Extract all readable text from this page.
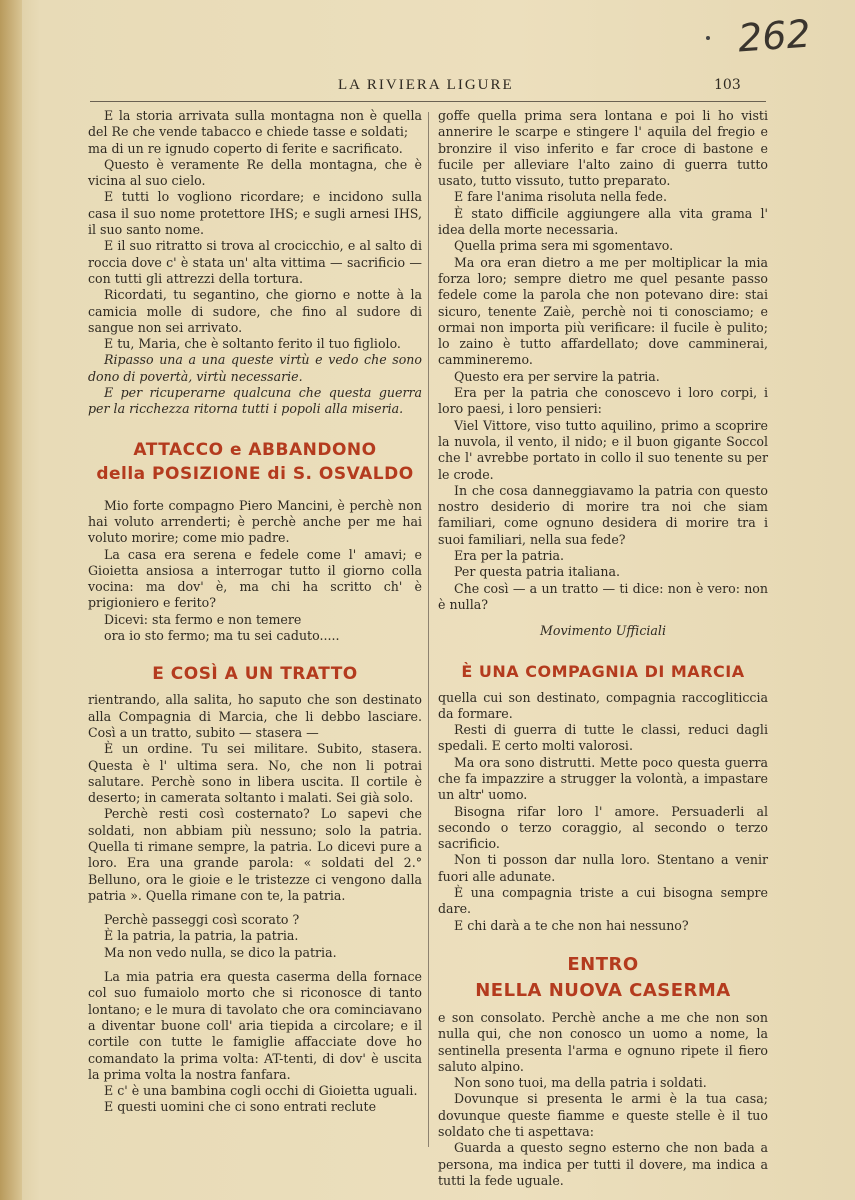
262
LA RIVIERA LIGURE	103

E la storia arrivata sulla montagna non è quella del Re che vende tabacco e chiede tasse e soldati;

ma di un re ignudo coperto di ferite e sacrificato.

Questo è veramente Re della montagna, che è vicina al suo cielo.

E tutti lo vogliono ricordare; e incidono sulla casa il suo nome protettore IHS; e sugli arnesi IHS, il suo santo nome.

E il suo ritratto si trova al crocicchio, e al salto di roccia dove c' è stata un' alta vittima — sacrificio — con tutti gli attrezzi della tortura.

Ricordati, tu segantino, che giorno e notte à la camicia molle di sudore, che fino al sudore di sangue non sei arrivato.

E tu, Maria, che è soltanto ferito il tuo figliolo.

Ripasso una a una queste virtù e vedo che sono dono di povertà, virtù necessarie.

E per ricuperarne qualcuna che questa guerra per la ricchezza ritorna tutti i popoli alla miseria.

ATTACCO e ABBANDONO
della POSIZIONE di S. OSVALDO

Mio forte compagno Piero Mancini, è perchè non hai voluto arrenderti; è perchè anche per me hai voluto morire; come mio padre.

La casa era serena e fedele come l' amavi; e Gioietta ansiosa a interrogar tutto il giorno colla vocina: ma dov' è, ma chi ha scritto ch' è prigioniero e ferito?

Dicevi: sta fermo e non temere

ora io sto fermo; ma tu sei caduto.....

E COSÌ A UN TRATTO

rientrando, alla salita, ho saputo che son destinato alla Compagnia di Marcia, che li debbo lasciare. Così a un tratto, subito — stasera —

È un ordine. Tu sei militare. Subito, stasera. Questa è l' ultima sera. No, che non li potrai salutare. Perchè sono in libera uscita. Il cortile è deserto; in camerata soltanto i malati. Sei già solo.

Perchè resti così costernato? Lo sapevi che soldati, non abbiam più nessuno; solo la patria. Quella ti rimane sempre, la patria. Lo dicevi pure a loro. Era una grande parola: « soldati del 2.° Belluno, ora le gioie e le tristezze ci vengono dalla patria ». Quella rimane con te, la patria.

Perchè passeggi così scorato ?

È la patria, la patria, la patria.

Ma non vedo nulla, se dico la patria.

La mia patria era questa caserma della fornace col suo fumaiolo morto che si riconosce di tanto lontano; e le mura di tavolato che ora cominciavano a diventar buone coll' aria tiepida a circolare; e il cortile con tutte le famiglie affacciate dove ho comandato la prima volta: AT-tenti, di dov' è uscita la prima volta la nostra fanfara.

E c' è una bambina cogli occhi di Gioietta uguali.

E questi uomini che ci sono entrati reclute

goffe quella prima sera lontana e poi li ho visti annerire le scarpe e stingere l' aquila del fregio e bronzire il viso inferito e far croce di bastone e fucile per alleviare l'alto zaino di guerra tutto usato, tutto vissuto, tutto preparato.

E fare l'anima risoluta nella fede.

È stato difficile aggiungere alla vita grama l' idea della morte necessaria.

Quella prima sera mi sgomentavo.

Ma ora eran dietro a me per moltiplicar la mia forza loro; sempre dietro me quel pesante passo fedele come la parola che non potevano dire: stai sicuro, tenente Zaiè, perchè noi ti conosciamo; e ormai non importa più verificare: il fucile è pulito; lo zaino è tutto affardellato; dove camminerai, cammineremo.

Questo era per servire la patria.

Era per la patria che conoscevo i loro corpi, i loro paesi, i loro pensieri:

Viel Vittore, viso tutto aquilino, primo a scoprire la nuvola, il vento, il nido; e il buon gigante Soccol che l' avrebbe portato in collo il suo tenente su per le crode.

In che cosa danneggiavamo la patria con questo nostro desiderio di morire tra noi che siam familiari, come ognuno desidera di morire tra i suoi familiari, nella sua fede?

Era per la patria.

Per questa patria italiana.

Che così — a un tratto — ti dice: non è vero: non è nulla?

Movimento Ufficiali

È UNA COMPAGNIA DI MARCIA

quella cui son destinato, compagnia raccogliticcia da formare.

Resti di guerra di tutte le classi, reduci dagli spedali. E certo molti valorosi.

Ma ora sono distrutti. Mette poco questa guerra che fa impazzire a strugger la volontà, a impastare un altr' uomo.

Bisogna rifar loro l' amore. Persuaderli al secondo o terzo coraggio, al secondo o terzo sacrificio.

Non ti posson dar nulla loro. Stentano a venir fuori alle adunate.

È una compagnia triste a cui bisogna sempre dare.

E chi darà a te che non hai nessuno?

ENTRO
NELLA NUOVA CASERMA

e son consolato. Perchè anche a me che non son nulla qui, che non conosco un uomo a nome, la sentinella presenta l'arma e ognuno ripete il fiero saluto alpino.

Non sono tuoi, ma della patria i soldati.

Dovunque si presenta le armi è la tua casa; dovunque queste fiamme e queste stelle è il tuo soldato che ti aspettava:

Guarda a questo segno esterno che non bada a persona, ma indica per tutti il dovere, ma indica a tutti la fede uguale.
